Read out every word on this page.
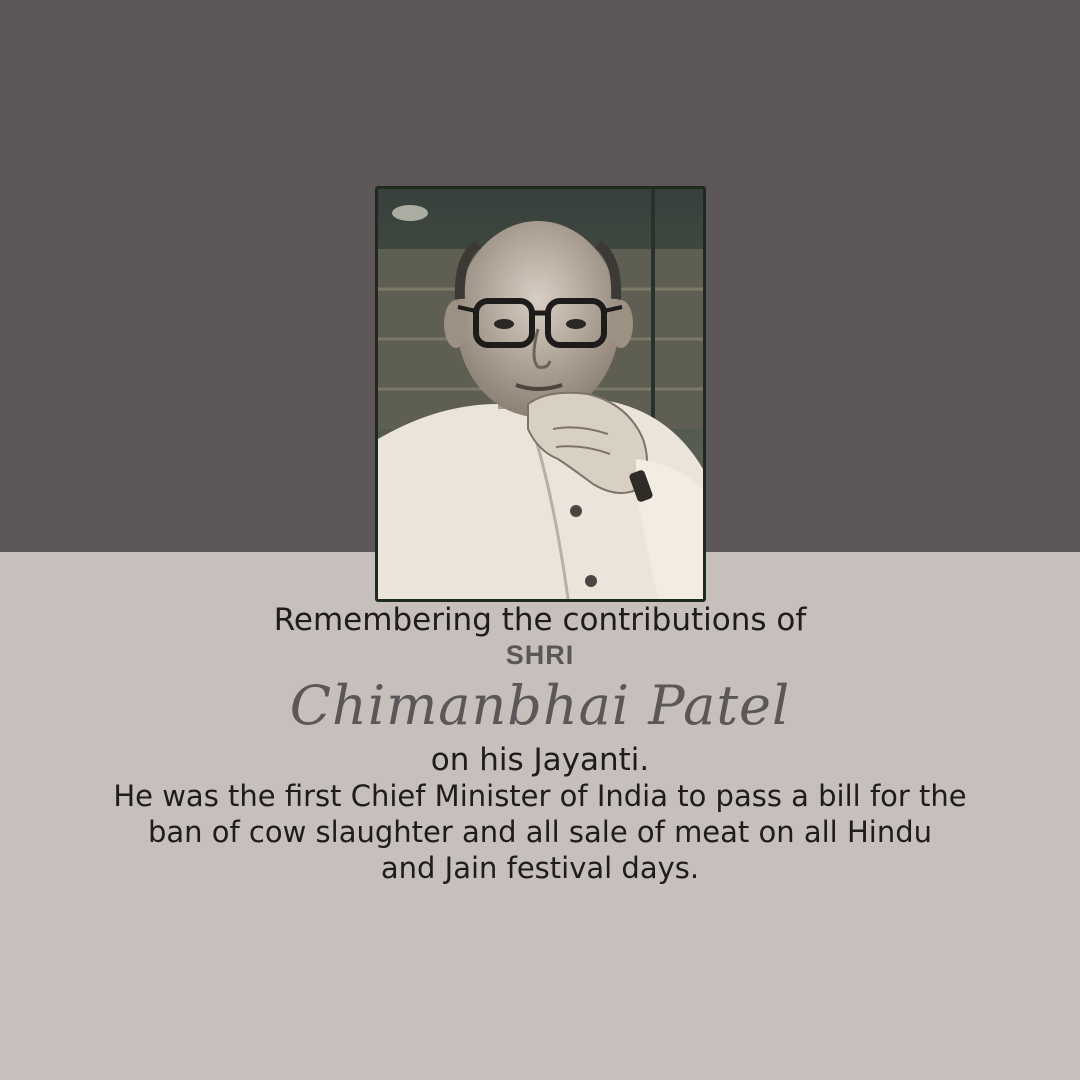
Remembering the contributions of
SHRI
Chimanbhai Patel
on his Jayanti.
He was the first Chief Minister of India to pass a bill for the
ban of cow slaughter and all sale of meat on all Hindu
and Jain festival days.
